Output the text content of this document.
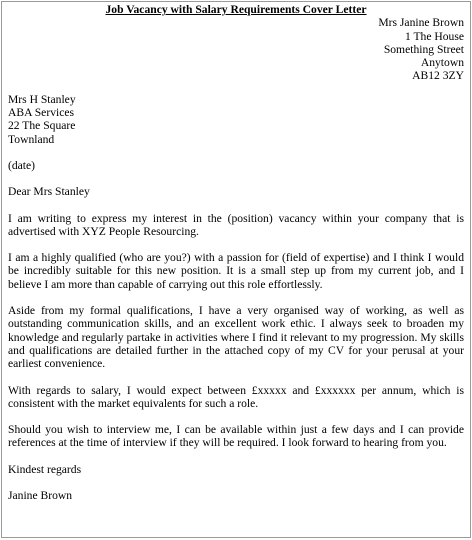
Job Vacancy with Salary Requirements Cover Letter
Mrs Janine Brown
1 The House
Something Street
Anytown
AB12 3ZY
Mrs H Stanley
ABA Services
22 The Square
Townland
(date)
Dear Mrs Stanley

I am writing to express my interest in the (position) vacancy within your company that is advertised with XYZ People Resourcing.

I am a highly qualified (who are you?) with a passion for (field of expertise) and I think I would be incredibly suitable for this new position. It is a small step up from my current job, and I believe I am more than capable of carrying out this role effortlessly.

Aside from my formal qualifications, I have a very organised way of working, as well as outstanding communication skills, and an excellent work ethic. I always seek to broaden my knowledge and regularly partake in activities where I find it relevant to my progression. My skills and qualifications are detailed further in the attached copy of my CV for your perusal at your earliest convenience.

With regards to salary, I would expect between £xxxxx and £xxxxxx per annum, which is consistent with the market equivalents for such a role.

Should you wish to interview me, I can be available within just a few days and I can provide references at the time of interview if they will be required. I look forward to hearing from you.

Kindest regards
Janine Brown
